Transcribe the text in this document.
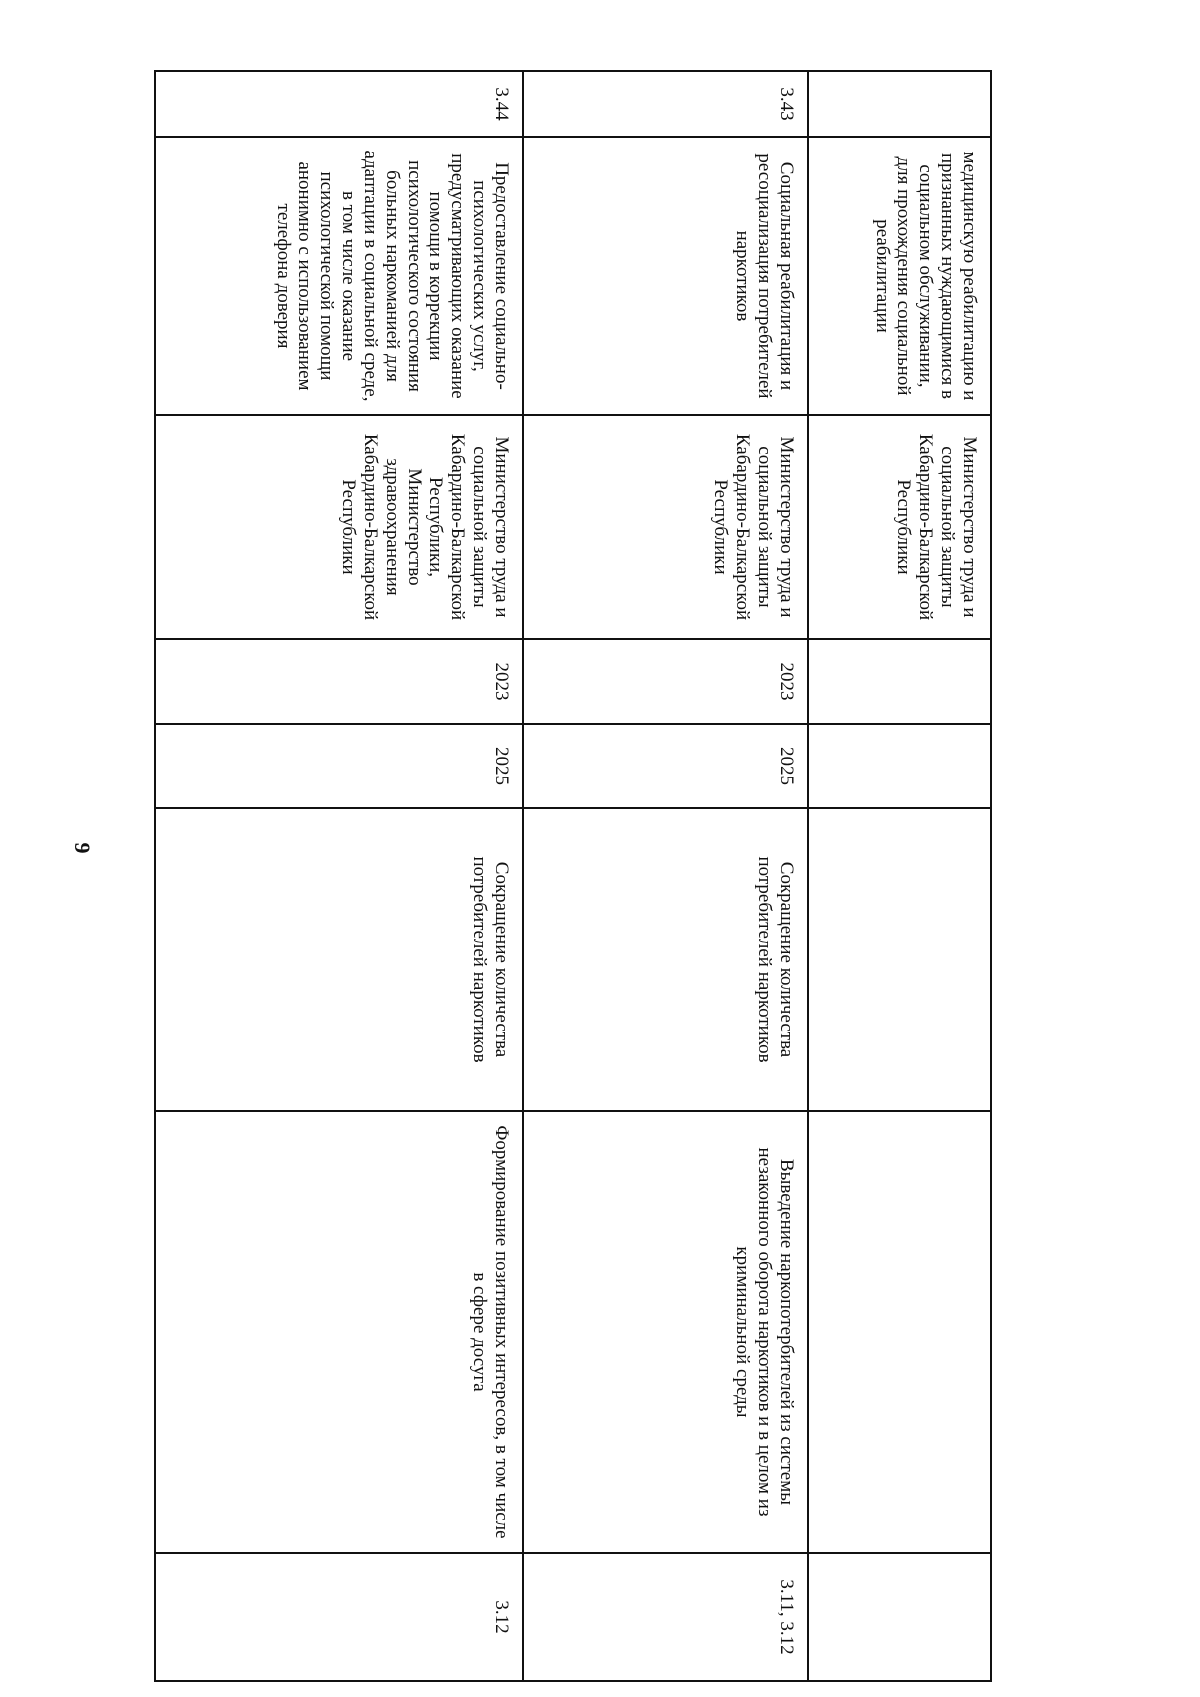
9
	медицинскую реабилитацию и признанных нуждающимися в социальном обслуживании, для прохождения социальной реабилитации	Министерство труда и социальной защиты Кабардино-Балкарской Республики					
3.43	Социальная реабилитация и ресоциализация потребителей наркотиков	Министерство труда и социальной защиты Кабардино-Балкарской Республики	2023	2025	Сокращение количества потребителей наркотиков	Выведение наркопотербителей из системы незаконного оборота наркотиков и в целом из криминальной среды	3.11, 3.12
3.44	Предоставление социально-психологических услуг, предусматривающих оказание помощи в коррекции психологического состояния больных наркоманией для адаптации в социальной среде, в том числе оказание психологической помощи анонимно с использованием телефона доверия	Министерство труда и социальной защиты Кабардино-Балкарской Республики, Министерство здравоохранения Кабардино-Балкарской Республики	2023	2025	Сокращение количества потребителей наркотиков	Формирование позитивных интересов, в том числе в сфере досуга	3.12
